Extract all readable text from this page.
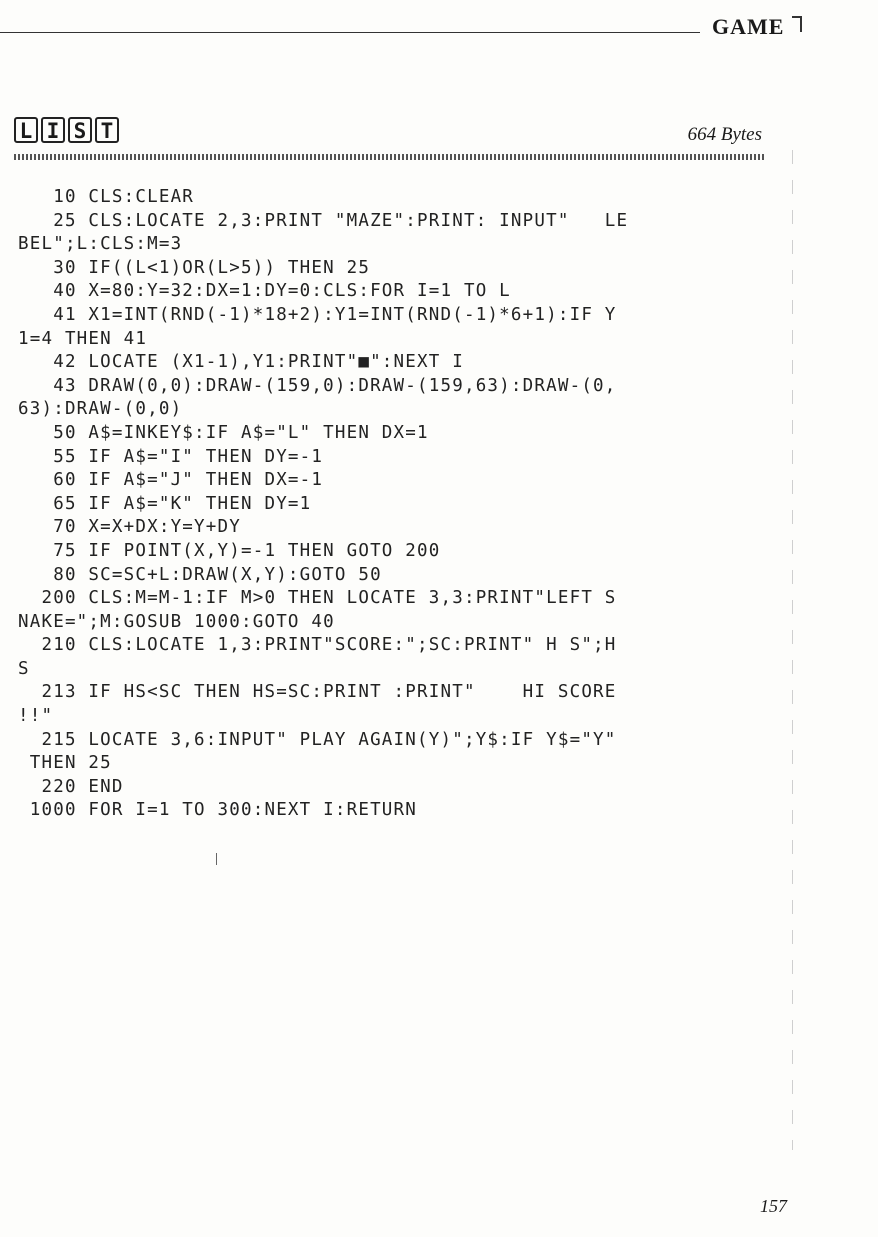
GAME
L I S T	664 Bytes
10 CLS:CLEAR
25 CLS:LOCATE 2,3:PRINT "MAZE":PRINT: INPUT"   LE
BEL";L:CLS:M=3
30 IF((L<1)OR(L>5)) THEN 25
40 X=80:Y=32:DX=1:DY=0:CLS:FOR I=1 TO L
41 X1=INT(RND(-1)*18+2):Y1=INT(RND(-1)*6+1):IF Y
1=4 THEN 41
42 LOCATE (X1-1),Y1:PRINT"■":NEXT I
43 DRAW(0,0):DRAW-(159,0):DRAW-(159,63):DRAW-(0,
63):DRAW-(0,0)
50 A$=INKEY$:IF A$="L" THEN DX=1
55 IF A$="I" THEN DY=-1
60 IF A$="J" THEN DX=-1
65 IF A$="K" THEN DY=1
70 X=X+DX:Y=Y+DY
75 IF POINT(X,Y)=-1 THEN GOTO 200
80 SC=SC+L:DRAW(X,Y):GOTO 50
200 CLS:M=M-1:IF M>0 THEN LOCATE 3,3:PRINT"LEFT S
NAKE=";M:GOSUB 1000:GOTO 40
210 CLS:LOCATE 1,3:PRINT"SCORE:";SC:PRINT" H S";H
S
213 IF HS<SC THEN HS=SC:PRINT :PRINT"    HI SCORE
!!"
215 LOCATE 3,6:INPUT" PLAY AGAIN(Y)";Y$:IF Y$="Y"
THEN 25
220 END
1000 FOR I=1 TO 300:NEXT I:RETURN
157
